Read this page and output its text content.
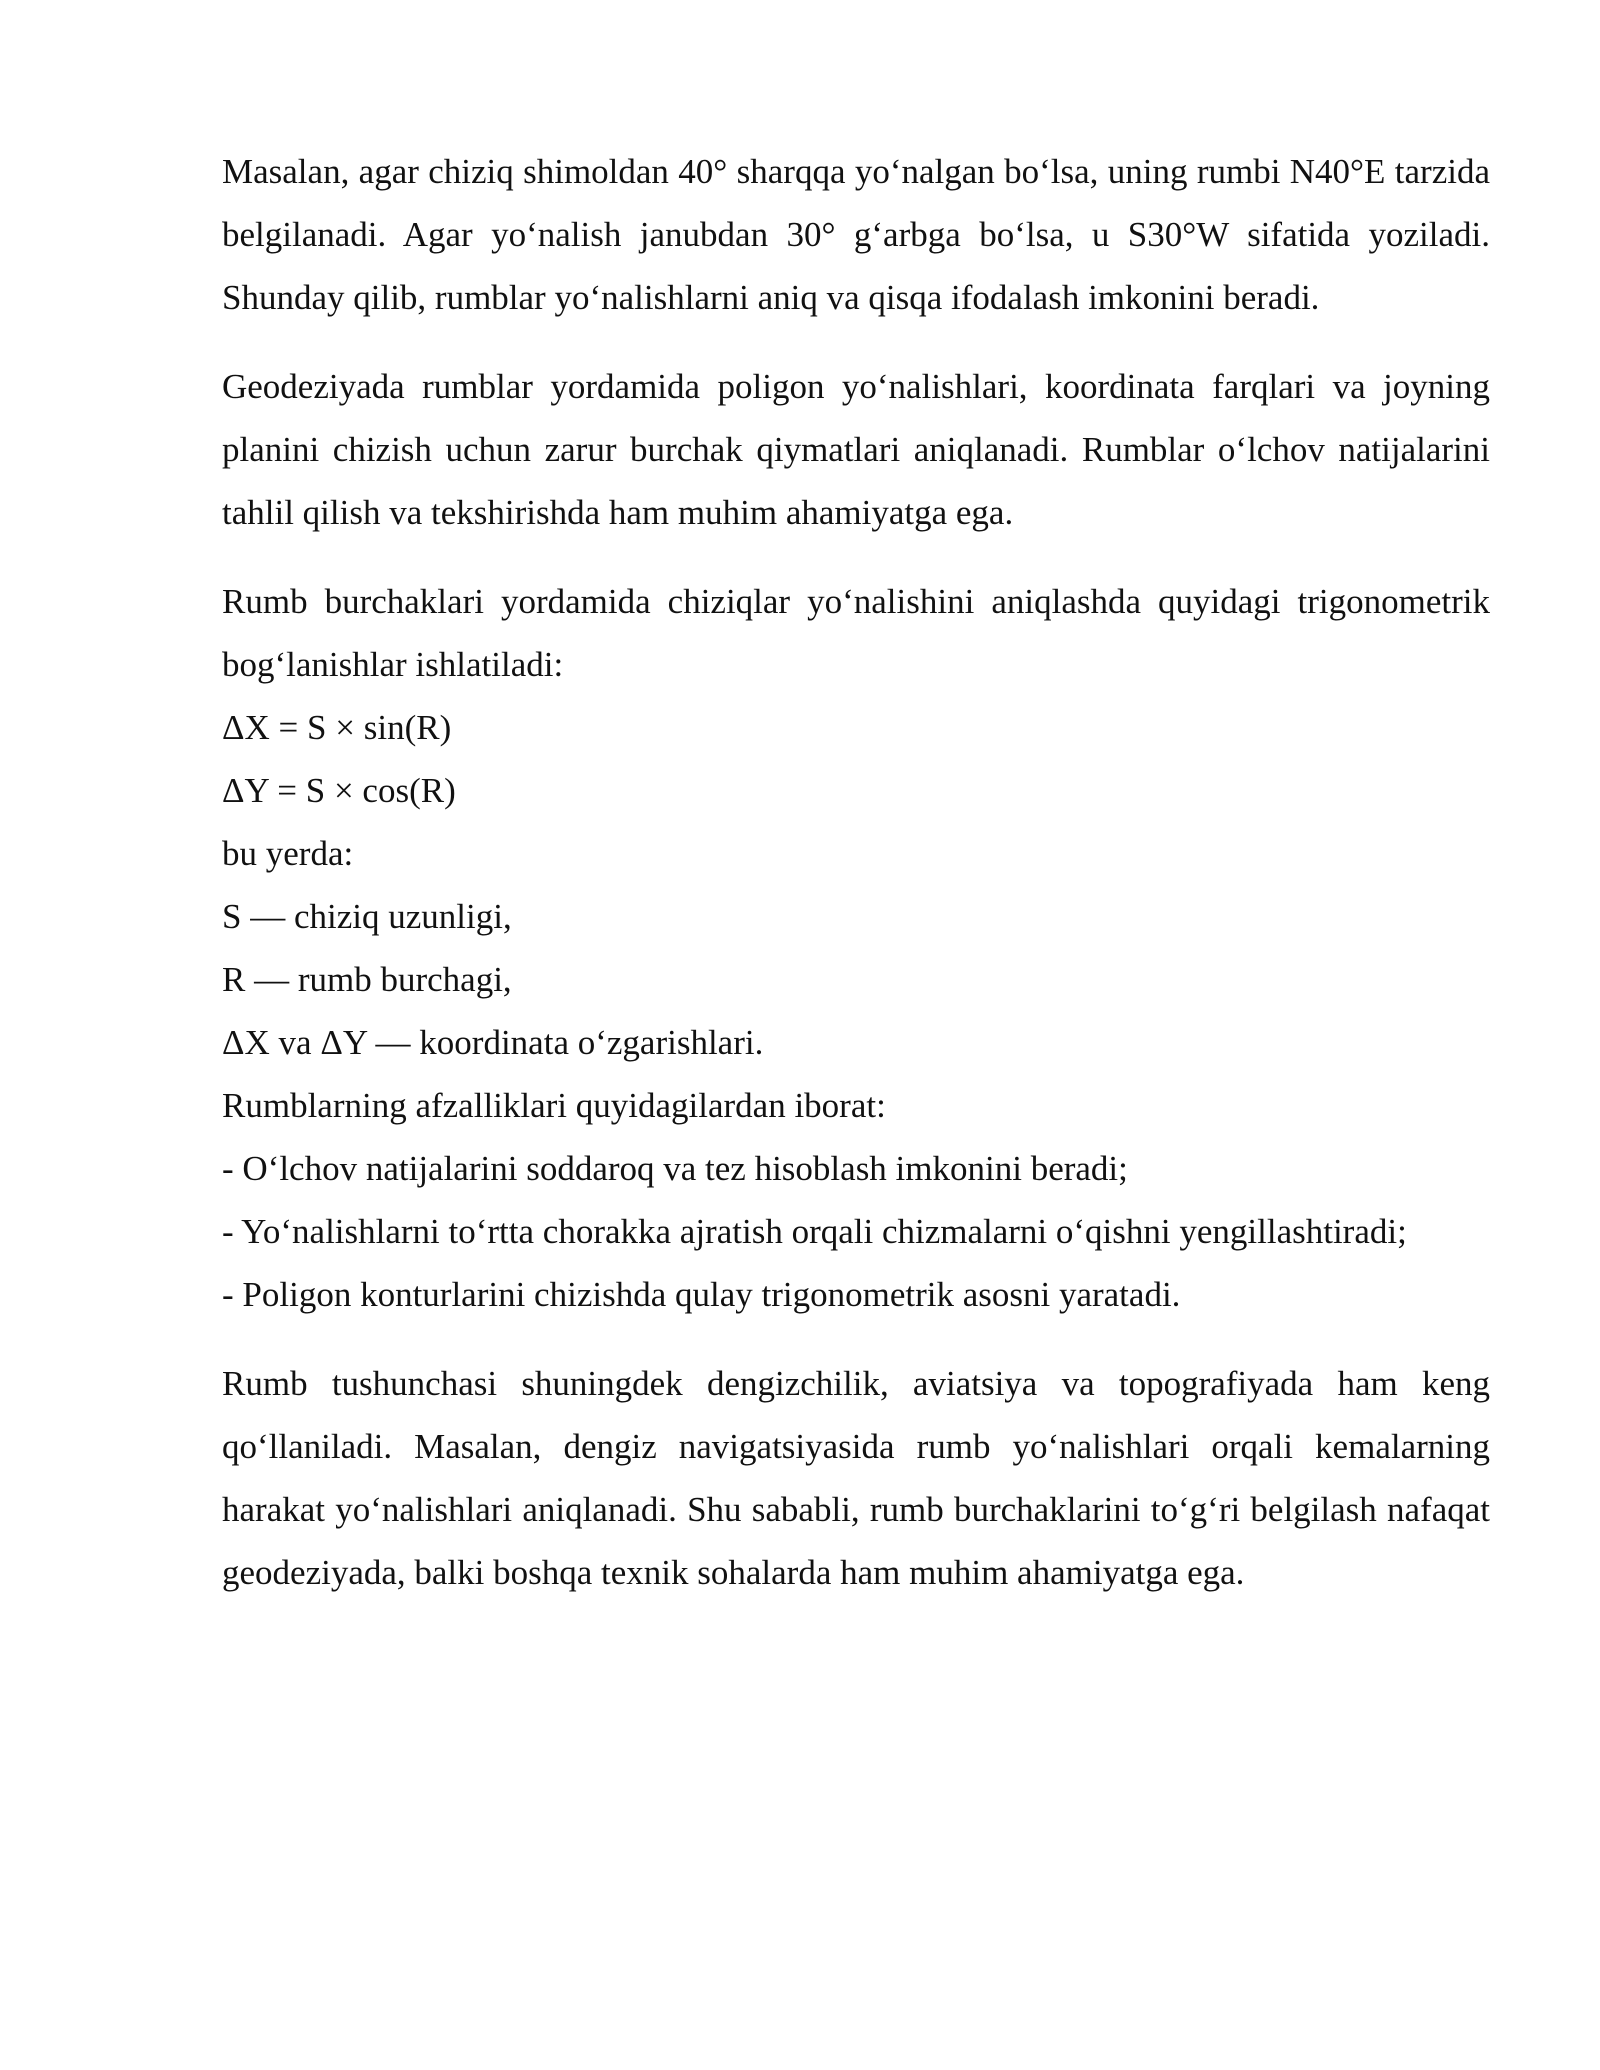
Masalan, agar chiziq shimoldan 40° sharqqa yo‘nalgan bo‘lsa, uning rumbi N40°E tarzida belgilanadi. Agar yo‘nalish janubdan 30° g‘arbga bo‘lsa, u S30°W sifatida yoziladi. Shunday qilib, rumblar yo‘nalishlarni aniq va qisqa ifodalash imkonini beradi.

Geodeziyada rumblar yordamida poligon yo‘nalishlari, koordinata farqlari va joyning planini chizish uchun zarur burchak qiymatlari aniqlanadi. Rumblar o‘lchov natijalarini tahlil qilish va tekshirishda ham muhim ahamiyatga ega.

Rumb burchaklari yordamida chiziqlar yo‘nalishini aniqlashda quyidagi trigonometrik bog‘lanishlar ishlatiladi:

ΔX = S × sin(R)

ΔY = S × cos(R)

bu yerda:

S — chiziq uzunligi,

R — rumb burchagi,

ΔX va ΔY — koordinata o‘zgarishlari.

Rumblarning afzalliklari quyidagilardan iborat:

- O‘lchov natijalarini soddaroq va tez hisoblash imkonini beradi;

- Yo‘nalishlarni to‘rtta chorakka ajratish orqali chizmalarni o‘qishni yengillashtiradi;

- Poligon konturlarini chizishda qulay trigonometrik asosni yaratadi.

Rumb tushunchasi shuningdek dengizchilik, aviatsiya va topografiyada ham keng qo‘llaniladi. Masalan, dengiz navigatsiyasida rumb yo‘nalishlari orqali kemalarning harakat yo‘nalishlari aniqlanadi. Shu sababli, rumb burchaklarini to‘g‘ri belgilash nafaqat geodeziyada, balki boshqa texnik sohalarda ham muhim ahamiyatga ega.
